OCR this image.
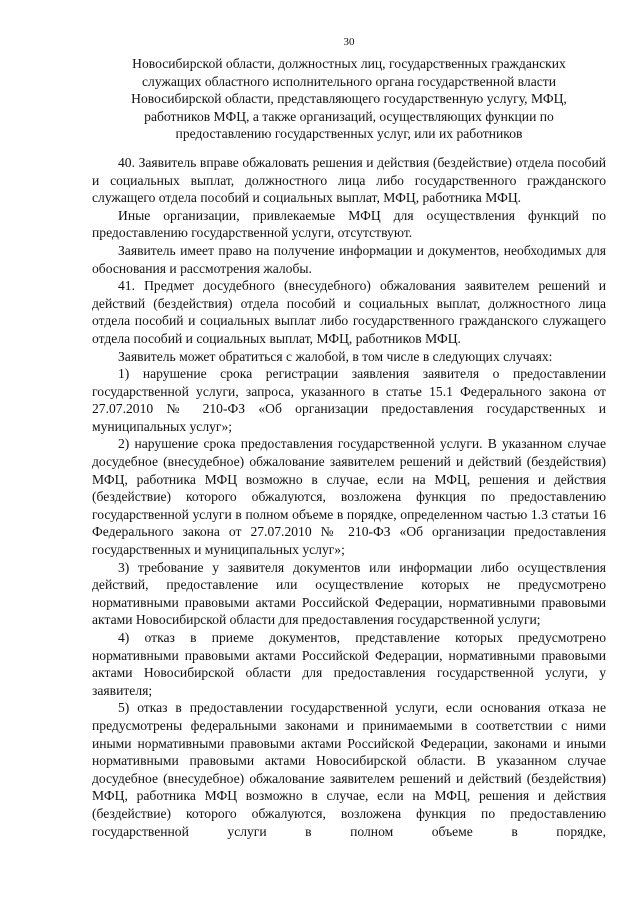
30
Новосибирской области, должностных лиц, государственных гражданских
служащих областного исполнительного органа государственной власти
Новосибирской области, представляющего государственную услугу, МФЦ,
работников МФЦ, а также организаций, осуществляющих функции по
предоставлению государственных услуг, или их работников

40. Заявитель вправе обжаловать решения и действия (бездействие) отдела пособий и социальных выплат, должностного лица либо государственного гражданского служащего отдела пособий и социальных выплат, МФЦ, работника МФЦ.

Иные организации, привлекаемые МФЦ для осуществления функций по предоставлению государственной услуги, отсутствуют.

Заявитель имеет право на получение информации и документов, необходимых для обоснования и рассмотрения жалобы.

41. Предмет досудебного (внесудебного) обжалования заявителем решений и действий (бездействия) отдела пособий и социальных выплат, должностного лица отдела пособий и социальных выплат либо государственного гражданского служащего отдела пособий и социальных выплат, МФЦ, работников МФЦ.

Заявитель может обратиться с жалобой, в том числе в следующих случаях:

1) нарушение срока регистрации заявления заявителя о предоставлении государственной услуги, запроса, указанного в статье 15.1 Федерального закона от 27.07.2010 № 210-ФЗ «Об организации предоставления государственных и муниципальных услуг»;

2) нарушение срока предоставления государственной услуги. В указанном случае досудебное (внесудебное) обжалование заявителем решений и действий (бездействия) МФЦ, работника МФЦ возможно в случае, если на МФЦ, решения и действия (бездействие) которого обжалуются, возложена функция по предоставлению государственной услуги в полном объеме в порядке, определенном частью 1.3 статьи 16 Федерального закона от 27.07.2010 № 210-ФЗ «Об организации предоставления государственных и муниципальных услуг»;

3) требование у заявителя документов или информации либо осуществления действий, предоставление или осуществление которых не предусмотрено нормативными правовыми актами Российской Федерации, нормативными правовыми актами Новосибирской области для предоставления государственной услуги;

4) отказ в приеме документов, представление которых предусмотрено нормативными правовыми актами Российской Федерации, нормативными правовыми актами Новосибирской области для предоставления государственной услуги, у заявителя;

5) отказ в предоставлении государственной услуги, если основания отказа не предусмотрены федеральными законами и принимаемыми в соответствии с ними иными нормативными правовыми актами Российской Федерации, законами и иными нормативными правовыми актами Новосибирской области. В указанном случае досудебное (внесудебное) обжалование заявителем решений и действий (бездействия) МФЦ, работника МФЦ возможно в случае, если на МФЦ, решения и действия (бездействие) которого обжалуются, возложена функция по предоставлению государственной услуги в полном объеме в порядке,
